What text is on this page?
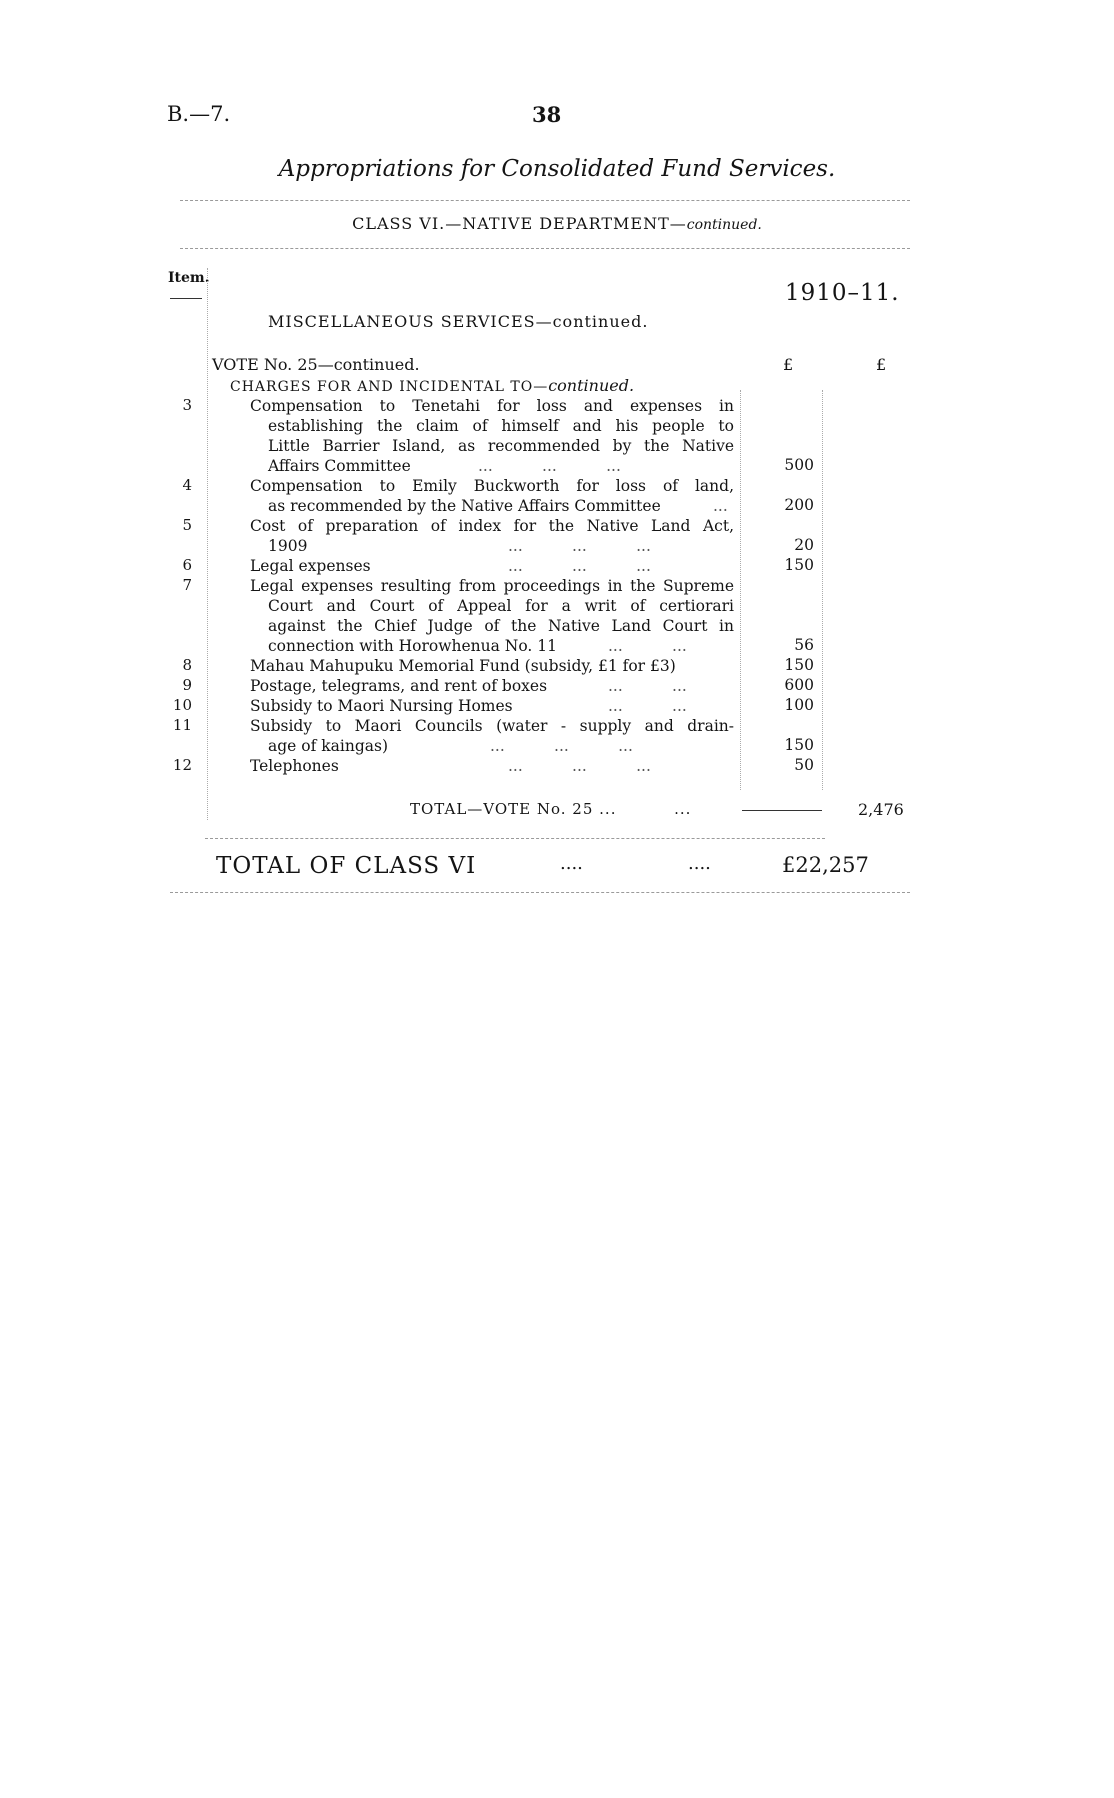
B.—7.	38
Appropriations for Consolidated Fund Services.
CLASS VI.—NATIVE DEPARTMENT—continued.
Item.
1910–11.
MISCELLANEOUS SERVICES—continued.
VOTE No. 25—continued.	£	£
CHARGES FOR AND INCIDENTAL TO—continued.
3	Compensation to Tenetahi for loss and expenses in
establishing the claim of himself and his people to
Little Barrier Island, as recommended by the Native
Affairs Committee	...          ...          ...	500
4	Compensation to Emily Buckworth for loss of land,
as recommended by the Native Affairs Committee	...	200
5	Cost of preparation of index for the Native Land Act,
1909	...          ...          ...	20
6	Legal expenses	...          ...          ...	150
7	Legal expenses resulting from proceedings in the Supreme
Court and Court of Appeal for a writ of certiorari
against the Chief Judge of the Native Land Court in
connection with Horowhenua No. 11	...          ...	56
8	Mahau Mahupuku Memorial Fund (subsidy, £1 for £3)	150
9	Postage, telegrams, and rent of boxes	...          ...	600
10	Subsidy to Maori Nursing Homes	...          ...	100
11	Subsidy to Maori Councils (water - supply and drain-
age of kaingas)	...          ...          ...	150
12	Telephones	...          ...          ...	50
TOTAL—VOTE No. 25 ...          ...	2,476
TOTAL OF CLASS VI	....	....	£22,257
